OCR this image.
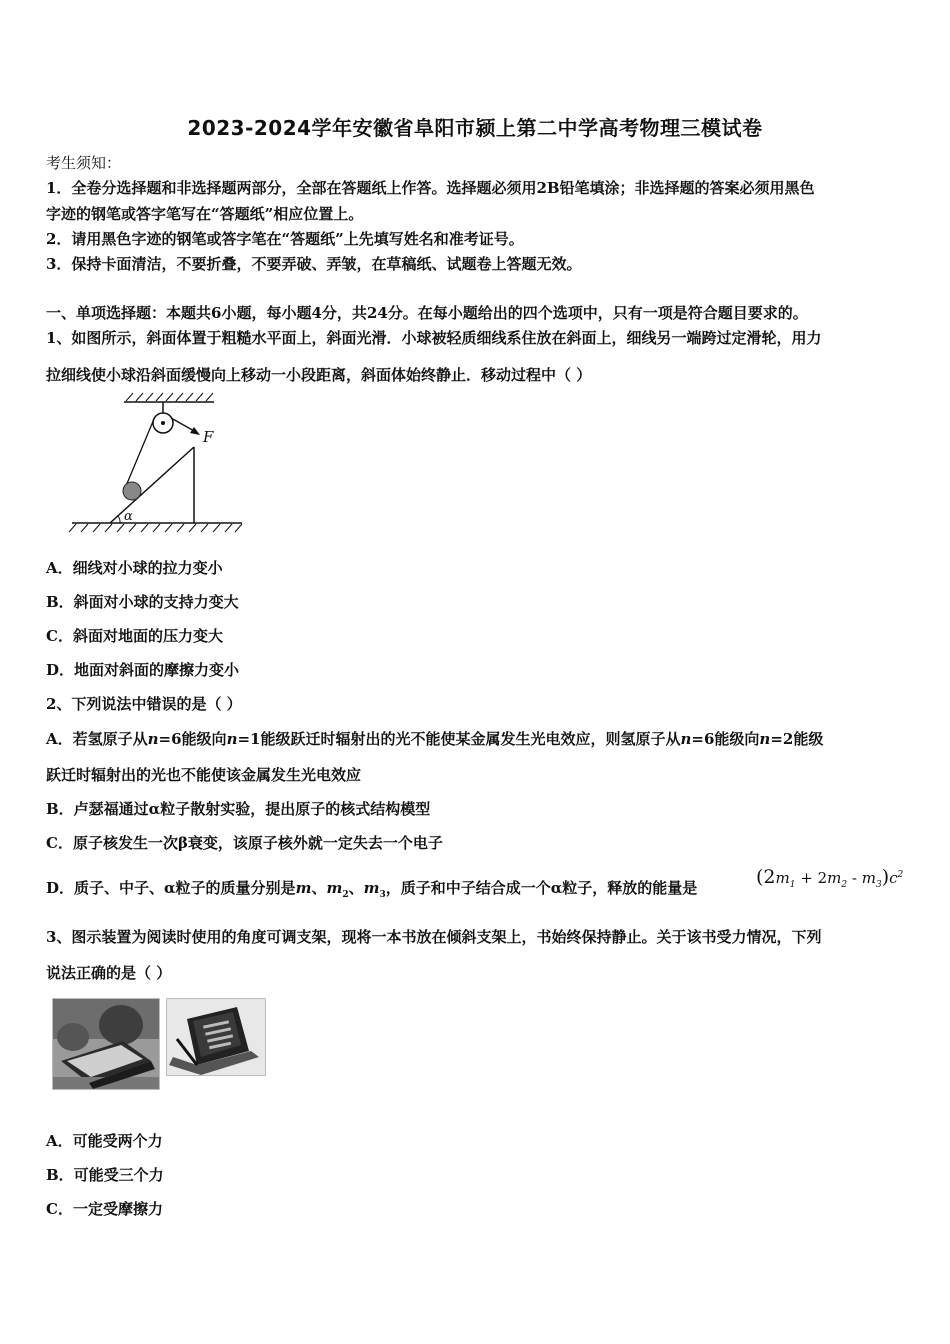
2023-2024学年安徽省阜阳市颍上第二中学高考物理三模试卷
考生须知：
1．全卷分选择题和非选择题两部分，全部在答题纸上作答。选择题必须用2B铅笔填涂；非选择题的答案必须用黑色
字迹的钢笔或答字笔写在“答题纸”相应位置上。
2．请用黑色字迹的钢笔或答字笔在“答题纸”上先填写姓名和准考证号。
3．保持卡面清洁，不要折叠，不要弄破、弄皱，在草稿纸、试题卷上答题无效。
一、单项选择题：本题共6小题，每小题4分，共24分。在每小题给出的四个选项中，只有一项是符合题目要求的。
1、如图所示，斜面体置于粗糙水平面上，斜面光滑．小球被轻质细线系住放在斜面上，细线另一端跨过定滑轮，用力
拉细线使小球沿斜面缓慢向上移动一小段距离，斜面体始终静止．移动过程中（ ）
F
α
A．细线对小球的拉力变小
B．斜面对小球的支持力变大
C．斜面对地面的压力变大
D．地面对斜面的摩擦力变小
2、下列说法中错误的是（ ）
A．若氢原子从n=6能级向n=1能级跃迁时辐射出的光不能使某金属发生光电效应，则氢原子从n=6能级向n=2能级
跃迁时辐射出的光也不能使该金属发生光电效应
B．卢瑟福通过α粒子散射实验，提出原子的核式结构模型
C．原子核发生一次β衰变，该原子核外就一定失去一个电子
D．质子、中子、α粒子的质量分别是m、$m_2$、$m_3$，质子和中子结合成一个α粒子，释放的能量是	$(2m_1 + 2m_2 - m_3)c^2$
3、图示装置为阅读时使用的角度可调支架，现将一本书放在倾斜支架上，书始终保持静止。关于该书受力情况，下列
说法正确的是（ ）
A．可能受两个力
B．可能受三个力
C．一定受摩擦力
